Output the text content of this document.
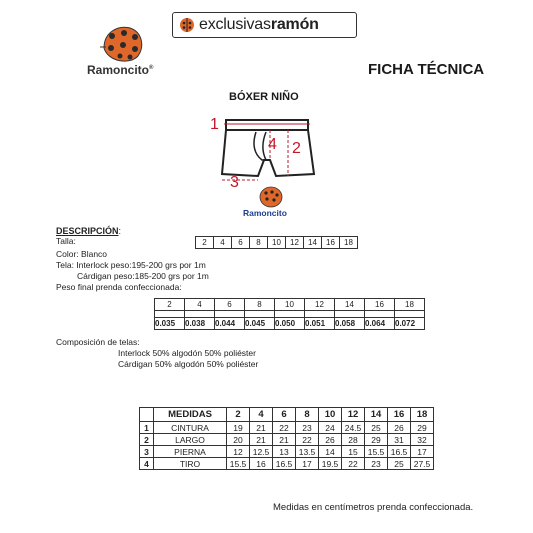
exclusivasramón
Ramoncito®	FICHA TÉCNICA
BÓXER NIÑO
1
2
3
4
Ramoncito
DESCRIPCIÓN:
Talla:	2	4	6	8	10	12	14	16	18
Color: Blanco
Tela: Interlock peso:195-200 grs por 1m
Cárdigan peso:185-200 grs por 1m
Peso final prenda confeccionada:
2	4	6	8	10	12	14	16	18

0.035	0.038	0.044	0.045	0.050	0.051	0.058	0.064	0.072
Composición de telas:
Interlock 50% algodón 50% poliéster
Cárdigan 50% algodón 50% poliéster
	MEDIDAS	2	4	6	8	10	12	14	16	18
1	CINTURA	19	21	22	23	24	24.5	25	26	29
2	LARGO	20	21	21	22	26	28	29	31	32
3	PIERNA	12	12.5	13	13.5	14	15	15.5	16.5	17
4	TIRO	15.5	16	16.5	17	19.5	22	23	25	27.5
Medidas en centímetros prenda confeccionada.
